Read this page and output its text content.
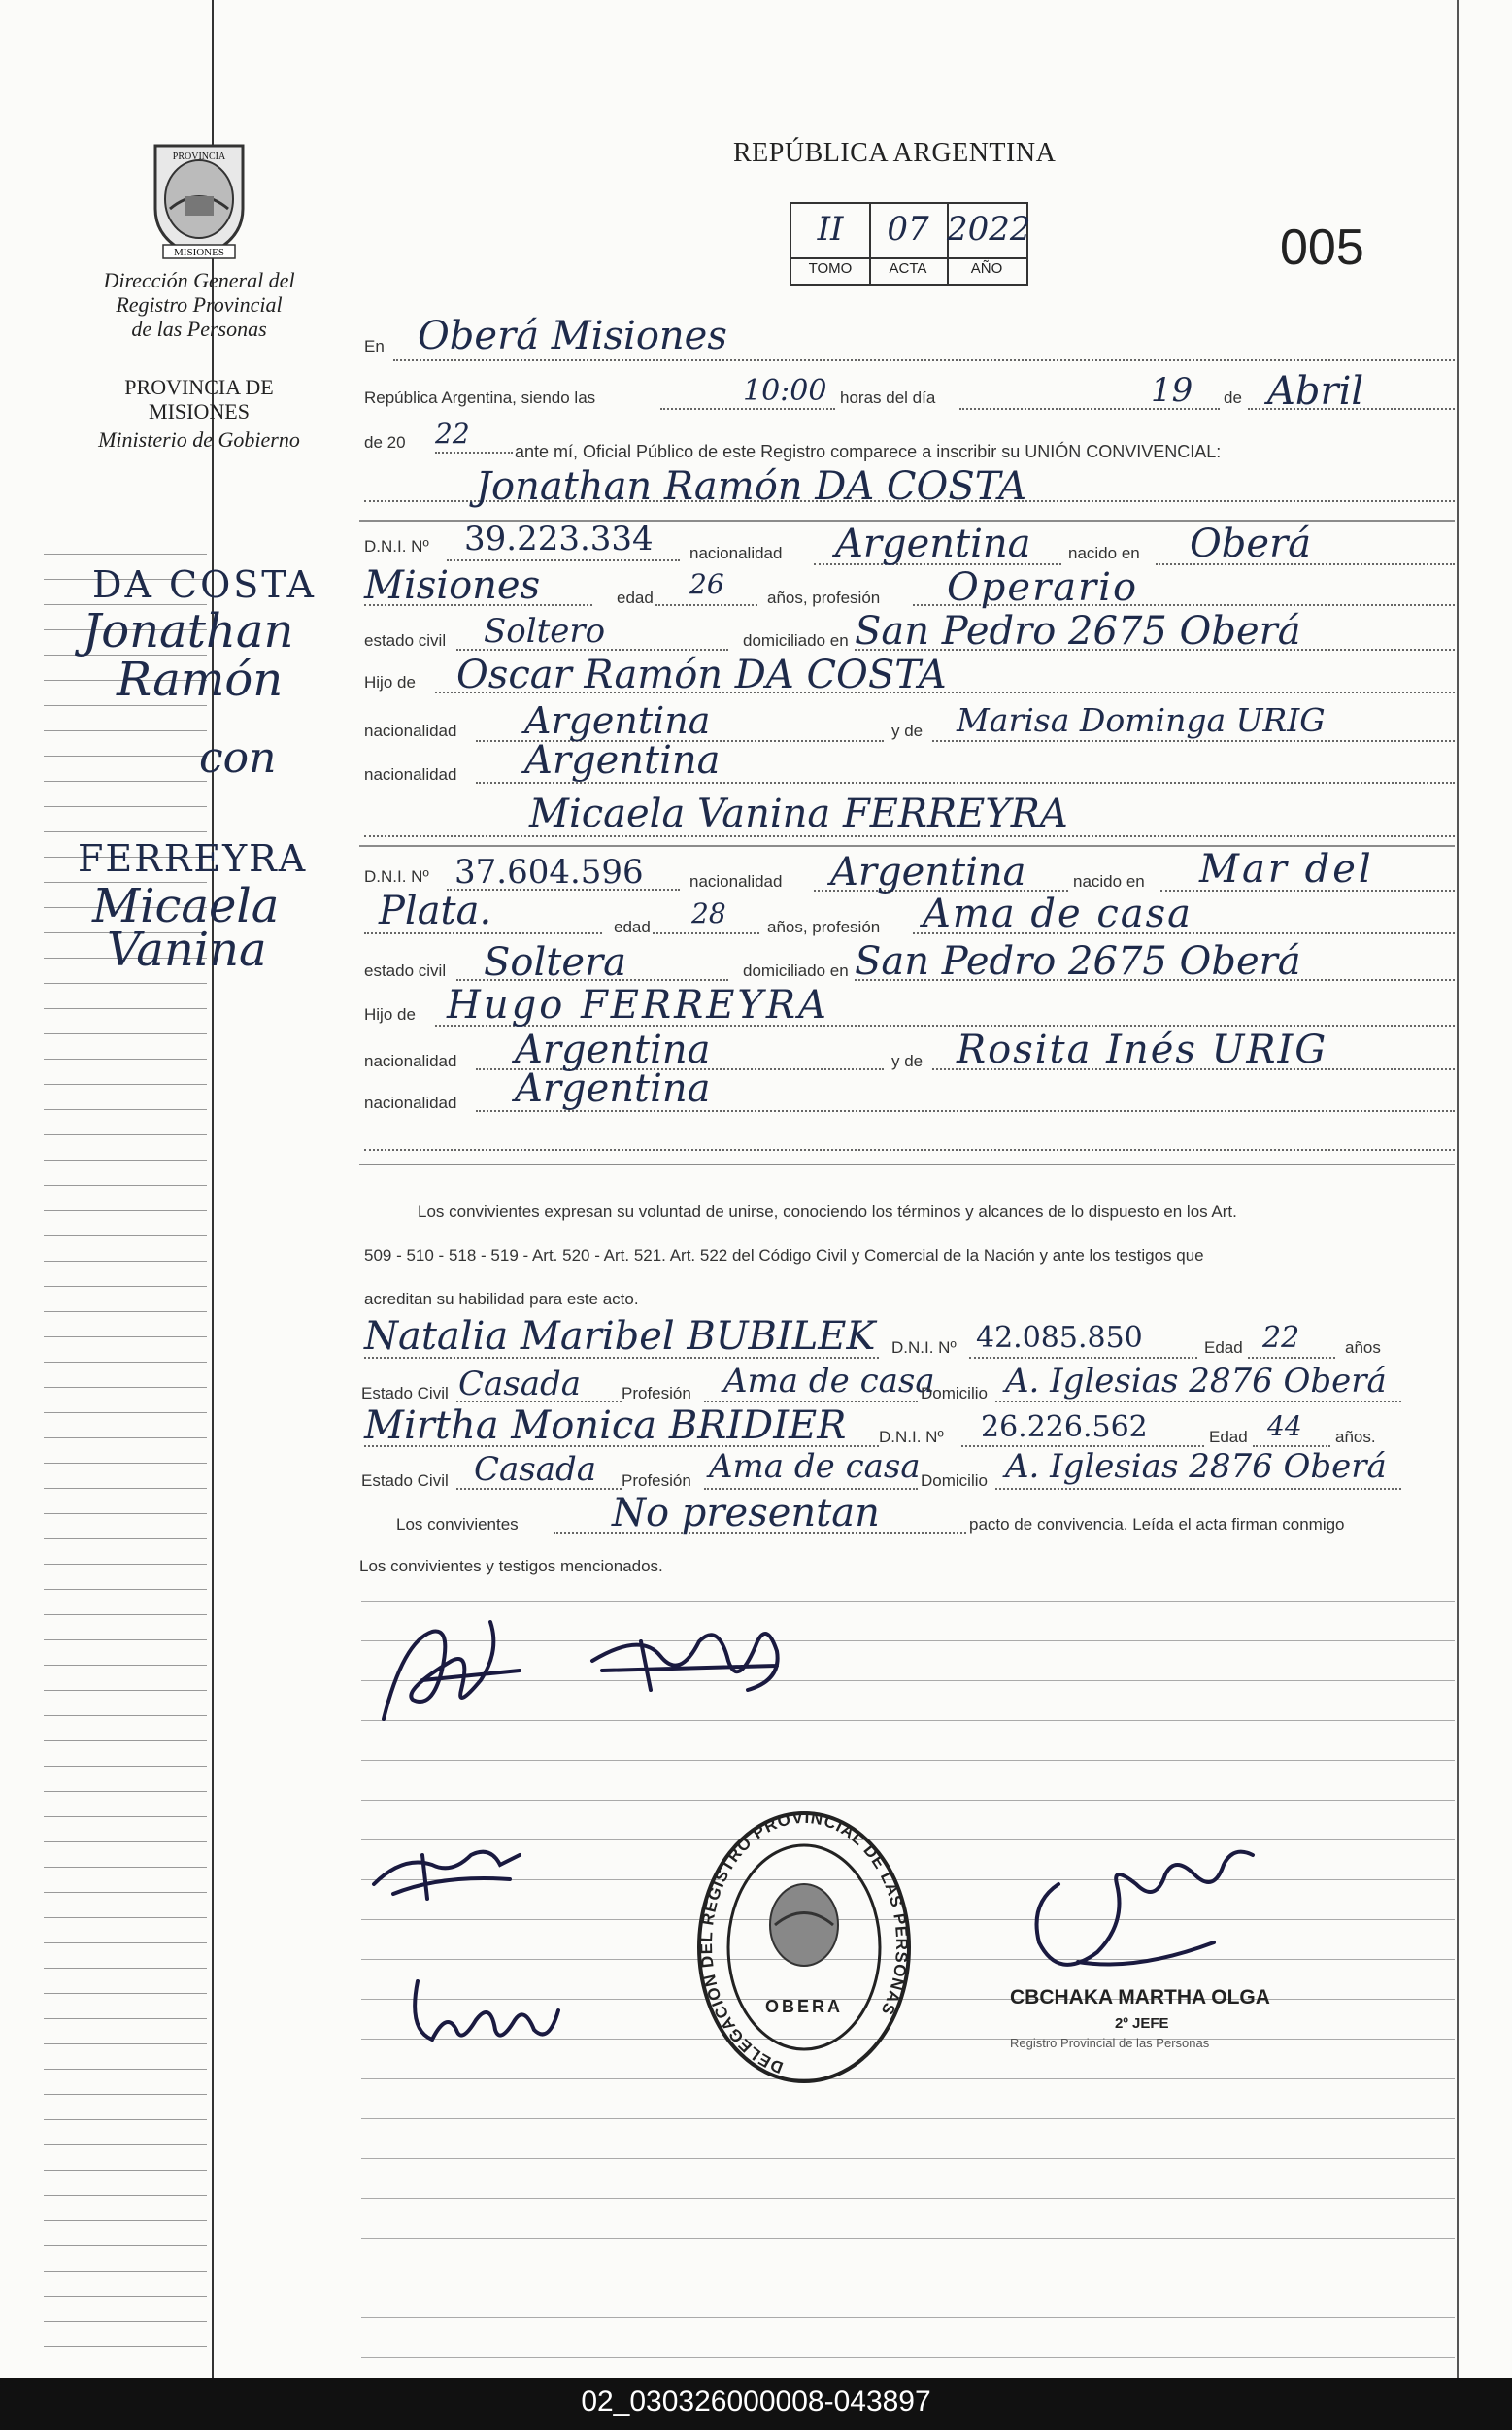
MISIONES
PROVINCIA
Dirección General del
Registro Provincial
de las Personas
PROVINCIA DE
MISIONES
Ministerio de Gobierno
DA COSTA
Jonathan
Ramón
con
FERREYRA
Micaela
Vanina
REPÚBLICA ARGENTINA
II	07 2022
TOMO	ACTA	AÑO	005
En Oberá Misiones
República Argentina, siendo las	10:00 horas del día	19 de Abril
de 20 22
ante mí, Oficial Público de este Registro comparece a inscribir su UNIÓN CONVIVENCIAL:
Jonathan Ramón DA COSTA
D.N.I. Nº 39.223.334 nacionalidad Argentina nacido en Oberá
Misiones	edad 26	años, profesión Operario
estado civil Soltero	domiciliado en San Pedro 2675 Oberá
Hijo de Oscar Ramón DA COSTA
nacionalidad Argentina	y de Marisa Dominga URIG
nacionalidad Argentina
Micaela Vanina FERREYRA
D.N.I. Nº 37.604.596	nacionalidad Argentina	nacido en Mar del
Plata.	edad 28 años, profesión Ama de casa
estado civil Soltera	domiciliado en San Pedro 2675 Oberá
Hijo de Hugo FERREYRA
nacionalidad Argentina	y de Rosita Inés URIG
nacionalidad Argentina
Los convivientes expresan su voluntad de unirse, conociendo los términos y alcances de lo dispuesto en los Art.
509 - 510 - 518 - 519 - Art. 520 - Art. 521. Art. 522 del Código Civil y Comercial de la Nación y ante los testigos que
acreditan su habilidad para este acto.
Natalia Maribel BUBILEK D.N.I. Nº 42.085.850	Edad 22	años
Estado Civil Casada Profesión Ama de casa
Domicilio A. Iglesias 2876 Oberá
Mirtha Monica BRIDIER D.N.I. Nº 26.226.562	Edad 44 años.
Estado Civil Casada Profesión Ama de casa Domicilio A. Iglesias 2876 Oberá
Los convivientes No presentan	pacto de convivencia. Leída el acta firman conmigo
Los convivientes y testigos mencionados.
DELEGACION DEL REGISTRO PROVINCIAL DE LAS PERSONAS
OBERA	CBCHAKA MARTHA OLGA
2º JEFE
Registro Provincial de las Personas
02_030326000008-043897
